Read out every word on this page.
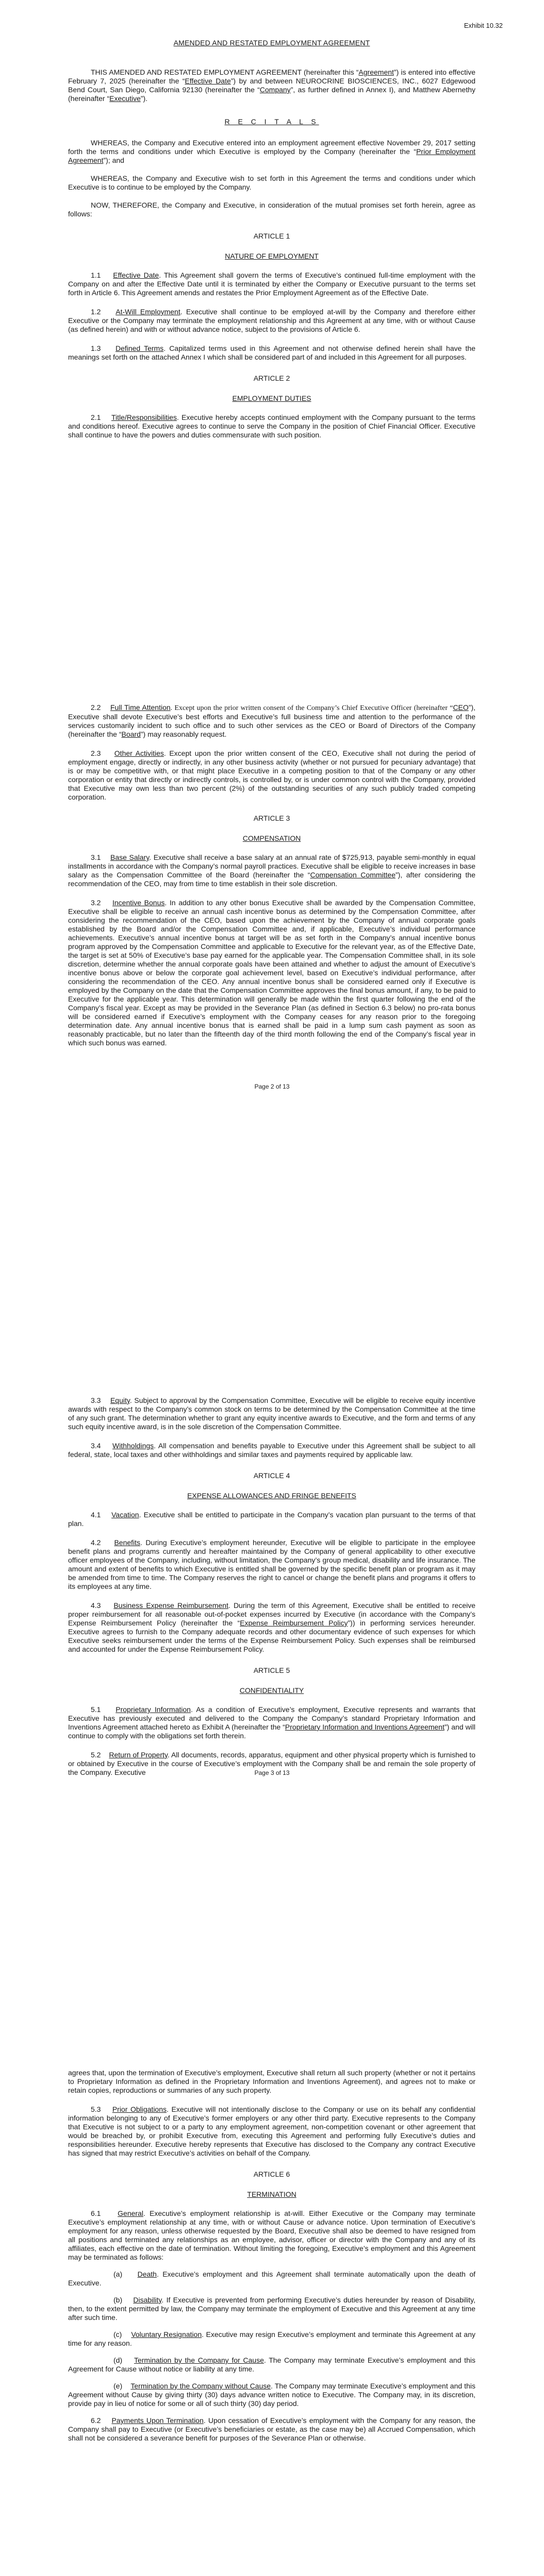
Exhibit 10.32

AMENDED AND RESTATED EMPLOYMENT AGREEMENT

THIS AMENDED AND RESTATED EMPLOYMENT AGREEMENT (hereinafter this “Agreement”) is entered into effective February 7, 2025 (hereinafter the “Effective Date”) by and between NEUROCRINE BIOSCIENCES, INC., 6027 Edgewood Bend Court, San Diego, California 92130 (hereinafter the “Company”, as further defined in Annex I), and Matthew Abernethy (hereinafter “Executive”).

R E C I T A L S

WHEREAS, the Company and Executive entered into an employment agreement effective November 29, 2017 setting forth the terms and conditions under which Executive is employed by the Company (hereinafter the “Prior Employment Agreement”); and

WHEREAS, the Company and Executive wish to set forth in this Agreement the terms and conditions under which Executive is to continue to be employed by the Company.

NOW, THEREFORE, the Company and Executive, in consideration of the mutual promises set forth herein, agree as follows:

ARTICLE 1

NATURE OF EMPLOYMENT

1.1 Effective Date. This Agreement shall govern the terms of Executive’s continued full-time employment with the Company on and after the Effective Date until it is terminated by either the Company or Executive pursuant to the terms set forth in Article 6. This Agreement amends and restates the Prior Employment Agreement as of the Effective Date.

1.2 At-Will Employment. Executive shall continue to be employed at-will by the Company and therefore either Executive or the Company may terminate the employment relationship and this Agreement at any time, with or without Cause (as defined herein) and with or without advance notice, subject to the provisions of Article 6.

1.3 Defined Terms. Capitalized terms used in this Agreement and not otherwise defined herein shall have the meanings set forth on the attached Annex I which shall be considered part of and included in this Agreement for all purposes.

ARTICLE 2

EMPLOYMENT DUTIES

2.1 Title/Responsibilities. Executive hereby accepts continued employment with the Company pursuant to the terms and conditions hereof. Executive agrees to continue to serve the Company in the position of Chief Financial Officer. Executive shall continue to have the powers and duties commensurate with such position.

2.2 Full Time Attention. Except upon the prior written consent of the Company’s Chief Executive Officer (hereinafter “CEO”), Executive shall devote Executive’s best efforts and Executive’s full business time and attention to the performance of the services customarily incident to such office and to such other services as the CEO or Board of Directors of the Company (hereinafter the “Board”) may reasonably request.

2.3 Other Activities. Except upon the prior written consent of the CEO, Executive shall not during the period of employment engage, directly or indirectly, in any other business activity (whether or not pursued for pecuniary advantage) that is or may be competitive with, or that might place Executive in a competing position to that of the Company or any other corporation or entity that directly or indirectly controls, is controlled by, or is under common control with the Company, provided that Executive may own less than two percent (2%) of the outstanding securities of any such publicly traded competing corporation.

ARTICLE 3

COMPENSATION

3.1 Base Salary. Executive shall receive a base salary at an annual rate of $725,913, payable semi-monthly in equal installments in accordance with the Company’s normal payroll practices. Executive shall be eligible to receive increases in base salary as the Compensation Committee of the Board (hereinafter the “Compensation Committee”), after considering the recommendation of the CEO, may from time to time establish in their sole discretion.

3.2 Incentive Bonus. In addition to any other bonus Executive shall be awarded by the Compensation Committee, Executive shall be eligible to receive an annual cash incentive bonus as determined by the Compensation Committee, after considering the recommendation of the CEO, based upon the achievement by the Company of annual corporate goals established by the Board and/or the Compensation Committee and, if applicable, Executive’s individual performance achievements. Executive’s annual incentive bonus at target will be as set forth in the Company’s annual incentive bonus program approved by the Compensation Committee and applicable to Executive for the relevant year, as of the Effective Date, the target is set at 50% of Executive’s base pay earned for the applicable year. The Compensation Committee shall, in its sole discretion, determine whether the annual corporate goals have been attained and whether to adjust the amount of Executive’s incentive bonus above or below the corporate goal achievement level, based on Executive’s individual performance, after considering the recommendation of the CEO. Any annual incentive bonus shall be considered earned only if Executive is employed by the Company on the date that the Compensation Committee approves the final bonus amount, if any, to be paid to Executive for the applicable year. This determination will generally be made within the first quarter following the end of the Company’s fiscal year. Except as may be provided in the Severance Plan (as defined in Section 6.3 below) no pro-rata bonus will be considered earned if Executive’s employment with the Company ceases for any reason prior to the foregoing determination date. Any annual incentive bonus that is earned shall be paid in a lump sum cash payment as soon as reasonably practicable, but no later than the fifteenth day of the third month following the end of the Company’s fiscal year in which such bonus was earned.

Page 2 of 13

3.3 Equity. Subject to approval by the Compensation Committee, Executive will be eligible to receive equity incentive awards with respect to the Company’s common stock on terms to be determined by the Compensation Committee at the time of any such grant. The determination whether to grant any equity incentive awards to Executive, and the form and terms of any such equity incentive award, is in the sole discretion of the Compensation Committee.

3.4 Withholdings. All compensation and benefits payable to Executive under this Agreement shall be subject to all federal, state, local taxes and other withholdings and similar taxes and payments required by applicable law.

ARTICLE 4

EXPENSE ALLOWANCES AND FRINGE BENEFITS

4.1 Vacation. Executive shall be entitled to participate in the Company’s vacation plan pursuant to the terms of that plan.

4.2 Benefits. During Executive’s employment hereunder, Executive will be eligible to participate in the employee benefit plans and programs currently and hereafter maintained by the Company of general applicability to other executive officer employees of the Company, including, without limitation, the Company’s group medical, disability and life insurance. The amount and extent of benefits to which Executive is entitled shall be governed by the specific benefit plan or program as it may be amended from time to time. The Company reserves the right to cancel or change the benefit plans and programs it offers to its employees at any time.

4.3 Business Expense Reimbursement. During the term of this Agreement, Executive shall be entitled to receive proper reimbursement for all reasonable out-of-pocket expenses incurred by Executive (in accordance with the Company’s Expense Reimbursement Policy (hereinafter the “Expense Reimbursement Policy”)) in performing services hereunder. Executive agrees to furnish to the Company adequate records and other documentary evidence of such expenses for which Executive seeks reimbursement under the terms of the Expense Reimbursement Policy. Such expenses shall be reimbursed and accounted for under the Expense Reimbursement Policy.

ARTICLE 5

CONFIDENTIALITY

5.1 Proprietary Information. As a condition of Executive’s employment, Executive represents and warrants that Executive has previously executed and delivered to the Company the Company’s standard Proprietary Information and Inventions Agreement attached hereto as Exhibit A (hereinafter the “Proprietary Information and Inventions Agreement”) and will continue to comply with the obligations set forth therein.

5.2 Return of Property. All documents, records, apparatus, equipment and other physical property which is furnished to or obtained by Executive in the course of Executive’s employment with the Company shall be and remain the sole property of the Company. Executive	Page 3 of 13

agrees that, upon the termination of Executive’s employment, Executive shall return all such property (whether or not it pertains to Proprietary Information as defined in the Proprietary Information and Inventions Agreement), and agrees not to make or retain copies, reproductions or summaries of any such property.

5.3 Prior Obligations. Executive will not intentionally disclose to the Company or use on its behalf any confidential information belonging to any of Executive’s former employers or any other third party. Executive represents to the Company that Executive is not subject to or a party to any employment agreement, non-competition covenant or other agreement that would be breached by, or prohibit Executive from, executing this Agreement and performing fully Executive’s duties and responsibilities hereunder. Executive hereby represents that Executive has disclosed to the Company any contract Executive has signed that may restrict Executive’s activities on behalf of the Company.

ARTICLE 6

TERMINATION

6.1 General. Executive’s employment relationship is at-will. Either Executive or the Company may terminate Executive’s employment relationship at any time, with or without Cause or advance notice. Upon termination of Executive’s employment for any reason, unless otherwise requested by the Board, Executive shall also be deemed to have resigned from all positions and terminated any relationships as an employee, advisor, officer or director with the Company and any of its affiliates, each effective on the date of termination. Without limiting the foregoing, Executive’s employment and this Agreement may be terminated as follows:

(a) Death. Executive’s employment and this Agreement shall terminate automatically upon the death of Executive.

(b) Disability. If Executive is prevented from performing Executive’s duties hereunder by reason of Disability, then, to the extent permitted by law, the Company may terminate the employment of Executive and this Agreement at any time after such time.

(c) Voluntary Resignation. Executive may resign Executive’s employment and terminate this Agreement at any time for any reason.

(d) Termination by the Company for Cause. The Company may terminate Executive’s employment and this Agreement for Cause without notice or liability at any time.

(e) Termination by the Company without Cause. The Company may terminate Executive’s employment and this Agreement without Cause by giving thirty (30) days advance written notice to Executive. The Company may, in its discretion, provide pay in lieu of notice for some or all of such thirty (30) day period.

6.2 Payments Upon Termination. Upon cessation of Executive’s employment with the Company for any reason, the Company shall pay to Executive (or Executive’s beneficiaries or estate, as the case may be) all Accrued Compensation, which shall not be considered a severance benefit for purposes of the Severance Plan or otherwise.
